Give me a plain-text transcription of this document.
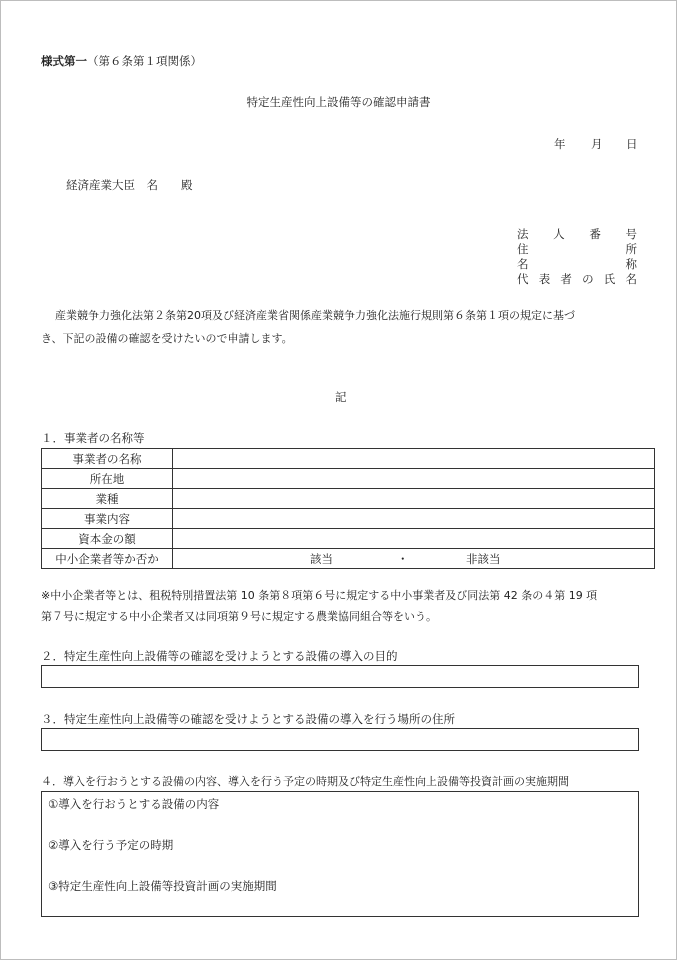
様式第一（第６条第１項関係）
特定生産性向上設備等の確認申請書
年 月 日
経済産業大臣　名　　殿
法 人 番 号
住	所
名	称
代 表 者 の 氏 名
産業競争力強化法第２条第20項及び経済産業省関係産業競争力強化法施行規則第６条第１項の規定に基づ
き、下記の設備の確認を受けたいので申請します。
記
１．事業者の名称等
事業者の名称	
所在地	
業種	
事業内容	
資本金の額	
中小企業者等か否か	該当 ・ 非該当
※中小企業者等とは、租税特別措置法第 10 条第８項第６号に規定する中小事業者及び同法第 42 条の４第 19 項
第７号に規定する中小企業者又は同項第９号に規定する農業協同組合等をいう。
２．特定生産性向上設備等の確認を受けようとする設備の導入の目的
３．特定生産性向上設備等の確認を受けようとする設備の導入を行う場所の住所
４．導入を行おうとする設備の内容、導入を行う予定の時期及び特定生産性向上設備等投資計画の実施期間
①導入を行おうとする設備の内容
②導入を行う予定の時期
③特定生産性向上設備等投資計画の実施期間
